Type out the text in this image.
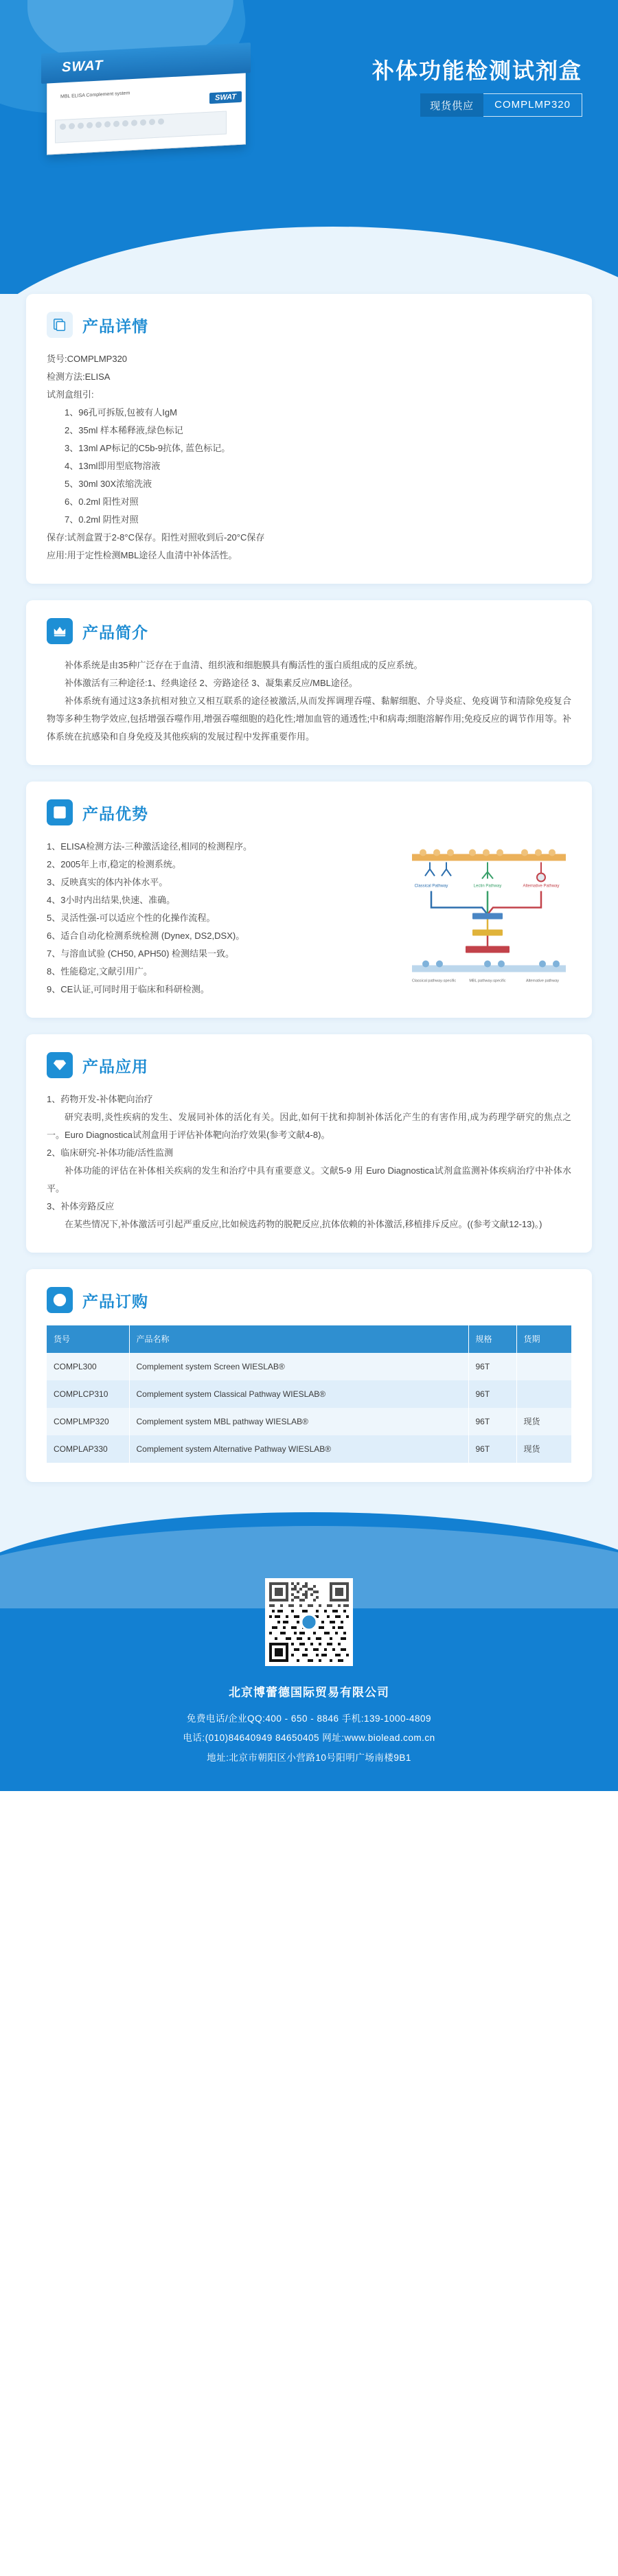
SWAT
MBL ELISA Complement system	SWAT
补体功能检测试剂盒
现货供应	COMPLMP320
产品详情

货号:COMPLMP320

检测方法:ELISA

试剂盒组引:

1、96孔可拆版,包被有人IgM

2、35ml 样本稀释液,绿色标记

3、13ml AP标记的C5b-9抗体, 蓝色标记。

4、13ml即用型底物溶液

5、30ml 30X浓缩洗液

6、0.2ml 阳性对照

7、0.2ml 阴性对照

保存:试剂盒置于2-8°C保存。阳性对照收到后-20°C保存

应用:用于定性检测MBL途径人血清中补体活性。

产品简介

补体系统是由35种广泛存在于血清、组织液和细胞膜具有酶活性的蛋白质组成的反应系统。

补体激活有三种途径:1、经典途径 2、旁路途径 3、凝集素反应/MBL途径。

补体系统有通过这3条抗相对独立又相互联系的途径被激活,从而发挥调理吞噬、黏解细胞、介导炎症、免疫调节和清除免疫复合物等多种生物学效应,包括增强吞噬作用,增强吞噬细胞的趋化性;增加血管的通透性;中和病毒;细胞溶解作用;免疫反应的调节作用等。补体系统在抗感染和自身免疫及其他疾病的发展过程中发挥重要作用。

产品优势

1、ELISA检测方法-三种激活途径,相同的检测程序。

2、2005年上市,稳定的检测系统。

3、反映真实的体内补体水平。

4、3小时内出结果,快速、准确。

5、灵活性强-可以适应个性的化操作流程。

6、适合自动化检测系统检测 (Dynex, DS2,DSX)。

7、与溶血试验 (CH50, APH50) 检测结果一致。

8、性能稳定,文献引用广。

9、CE认证,可同时用于临床和科研检测。

Classical Pathway	Lectin Pathway	Alternative Pathway
Classical pathway-specific	MBL pathway-specific	Alternative pathway
产品应用

1、药物开发-补体靶向治疗

研究表明,炎性疾病的发生、发展同补体的活化有关。因此,如何干扰和抑制补体活化产生的有害作用,成为药理学研究的焦点之一。Euro Diagnostica试剂盒用于评估补体靶向治疗效果(参考文献4-8)。

2、临床研究-补体功能/活性监测

补体功能的评估在补体相关疾病的发生和治疗中具有重要意义。文献5-9 用 Euro Diagnostica试剂盒监测补体疾病治疗中补体水平。

3、补体旁路反应

在某些情况下,补体激活可引起严重反应,比如候选药物的脱靶反应,抗体依赖的补体激活,移植排斥反应。((参考文献12-13)。)

产品订购
货号	产品名称	规格	货期
COMPL300	Complement system Screen WIESLAB®	96T	
COMPLCP310	Complement system Classical Pathway WIESLAB®	96T	
COMPLMP320	Complement system MBL pathway WIESLAB®	96T	现货
COMPLAP330	Complement system Alternative Pathway WIESLAB®	96T	现货
北京博蕾德国际贸易有限公司
免费电话/企业QQ:400 - 650 - 8846 手机:139-1000-4809
电话:(010)84640949 84650405 网址:www.biolead.com.cn
地址:北京市朝阳区小营路10号阳明广场南楼9B1
